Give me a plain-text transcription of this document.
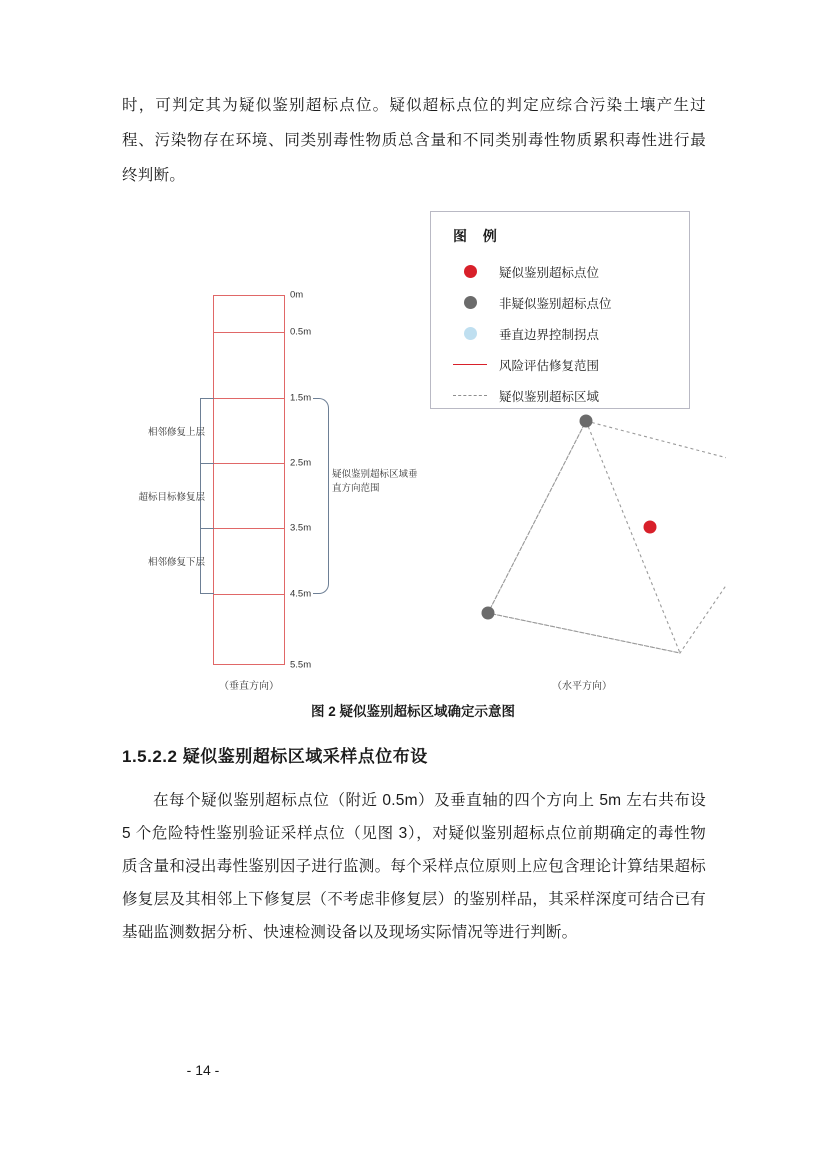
时，可判定其为疑似鉴别超标点位。疑似超标点位的判定应综合污染土壤产生过程、污染物存在环境、同类别毒性物质总含量和不同类别毒性物质累积毒性进行最终判断。

图 例
疑似鉴别超标点位
非疑似鉴别超标点位
垂直边界控制拐点
风险评估修复范围
疑似鉴别超标区域
0m
0.5m
1.5m
2.5m
3.5m
4.5m
5.5m
相邻修复上层
超标目标修复层
相邻修复下层
疑似鉴别超标区域垂直方向范围
（垂直方向）	（水平方向）
图 2 疑似鉴别超标区域确定示意图
1.5.2.2 疑似鉴别超标区域采样点位布设

在每个疑似鉴别超标点位（附近 0.5m）及垂直轴的四个方向上 5m 左右共布设 5 个危险特性鉴别验证采样点位（见图 3），对疑似鉴别超标点位前期确定的毒性物质含量和浸出毒性鉴别因子进行监测。每个采样点位原则上应包含理论计算结果超标修复层及其相邻上下修复层（不考虑非修复层）的鉴别样品，其采样深度可结合已有基础监测数据分析、快速检测设备以及现场实际情况等进行判断。

- 14 -
